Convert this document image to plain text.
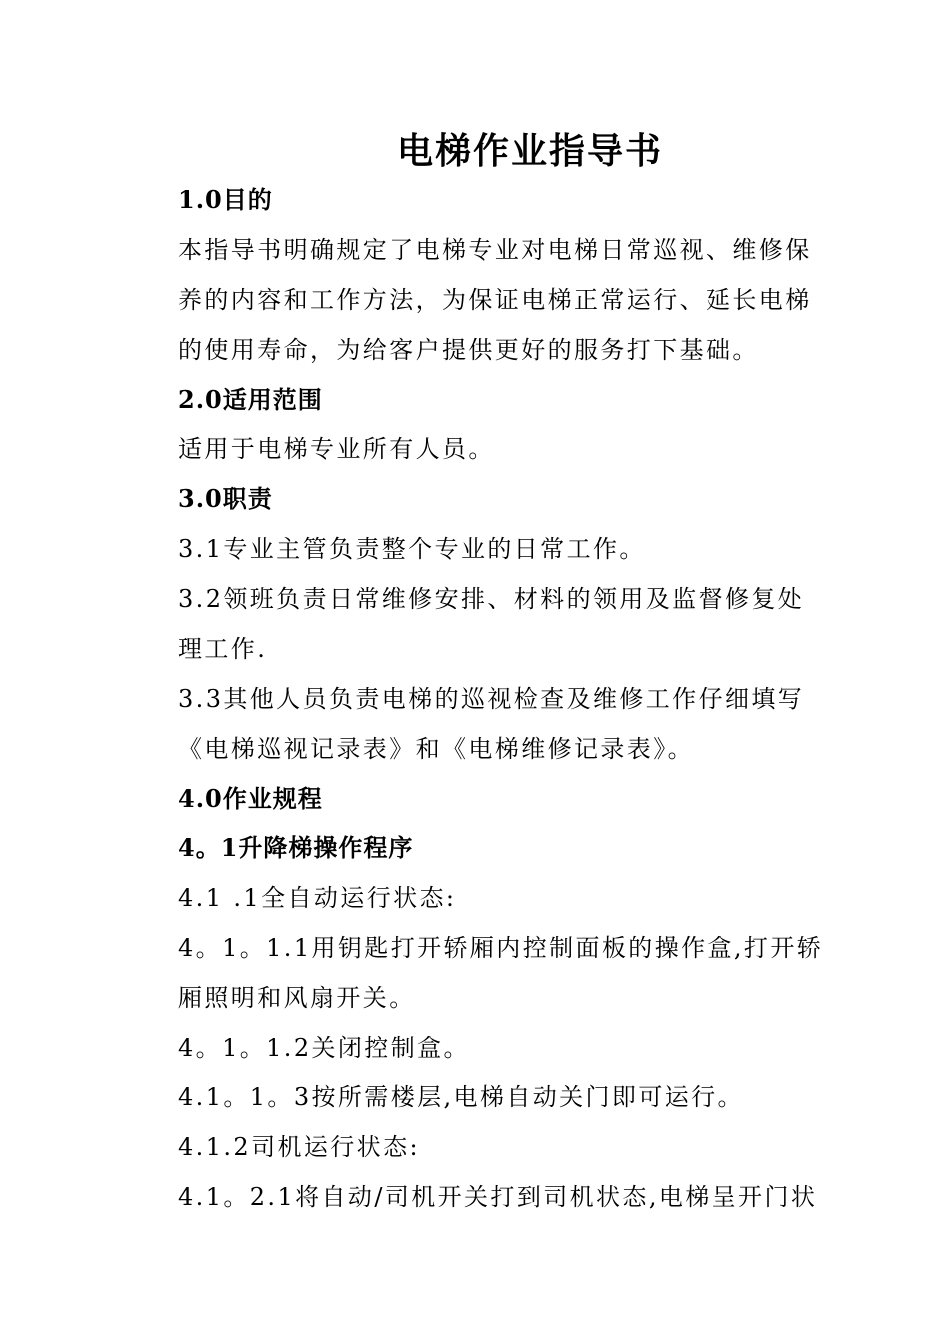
电梯作业指导书
1.0目的
本指导书明确规定了电梯专业对电梯日常巡视、维修保
养的内容和工作方法，为保证电梯正常运行、延长电梯
的使用寿命，为给客户提供更好的服务打下基础。
2.0适用范围
适用于电梯专业所有人员。
3.0职责
3.1专业主管负责整个专业的日常工作。
3.2领班负责日常维修安排、材料的领用及监督修复处
理工作.
3.3其他人员负责电梯的巡视检查及维修工作仔细填写
《电梯巡视记录表》和《电梯维修记录表》。
4.0作业规程
4。1升降梯操作程序
4.1 .1全自动运行状态:
4。1。1.1用钥匙打开轿厢内控制面板的操作盒,打开轿
厢照明和风扇开关。
4。1。1.2关闭控制盒。
4.1。1。3按所需楼层,电梯自动关门即可运行。
4.1.2司机运行状态:
4.1。2.1将自动/司机开关打到司机状态,电梯呈开门状
